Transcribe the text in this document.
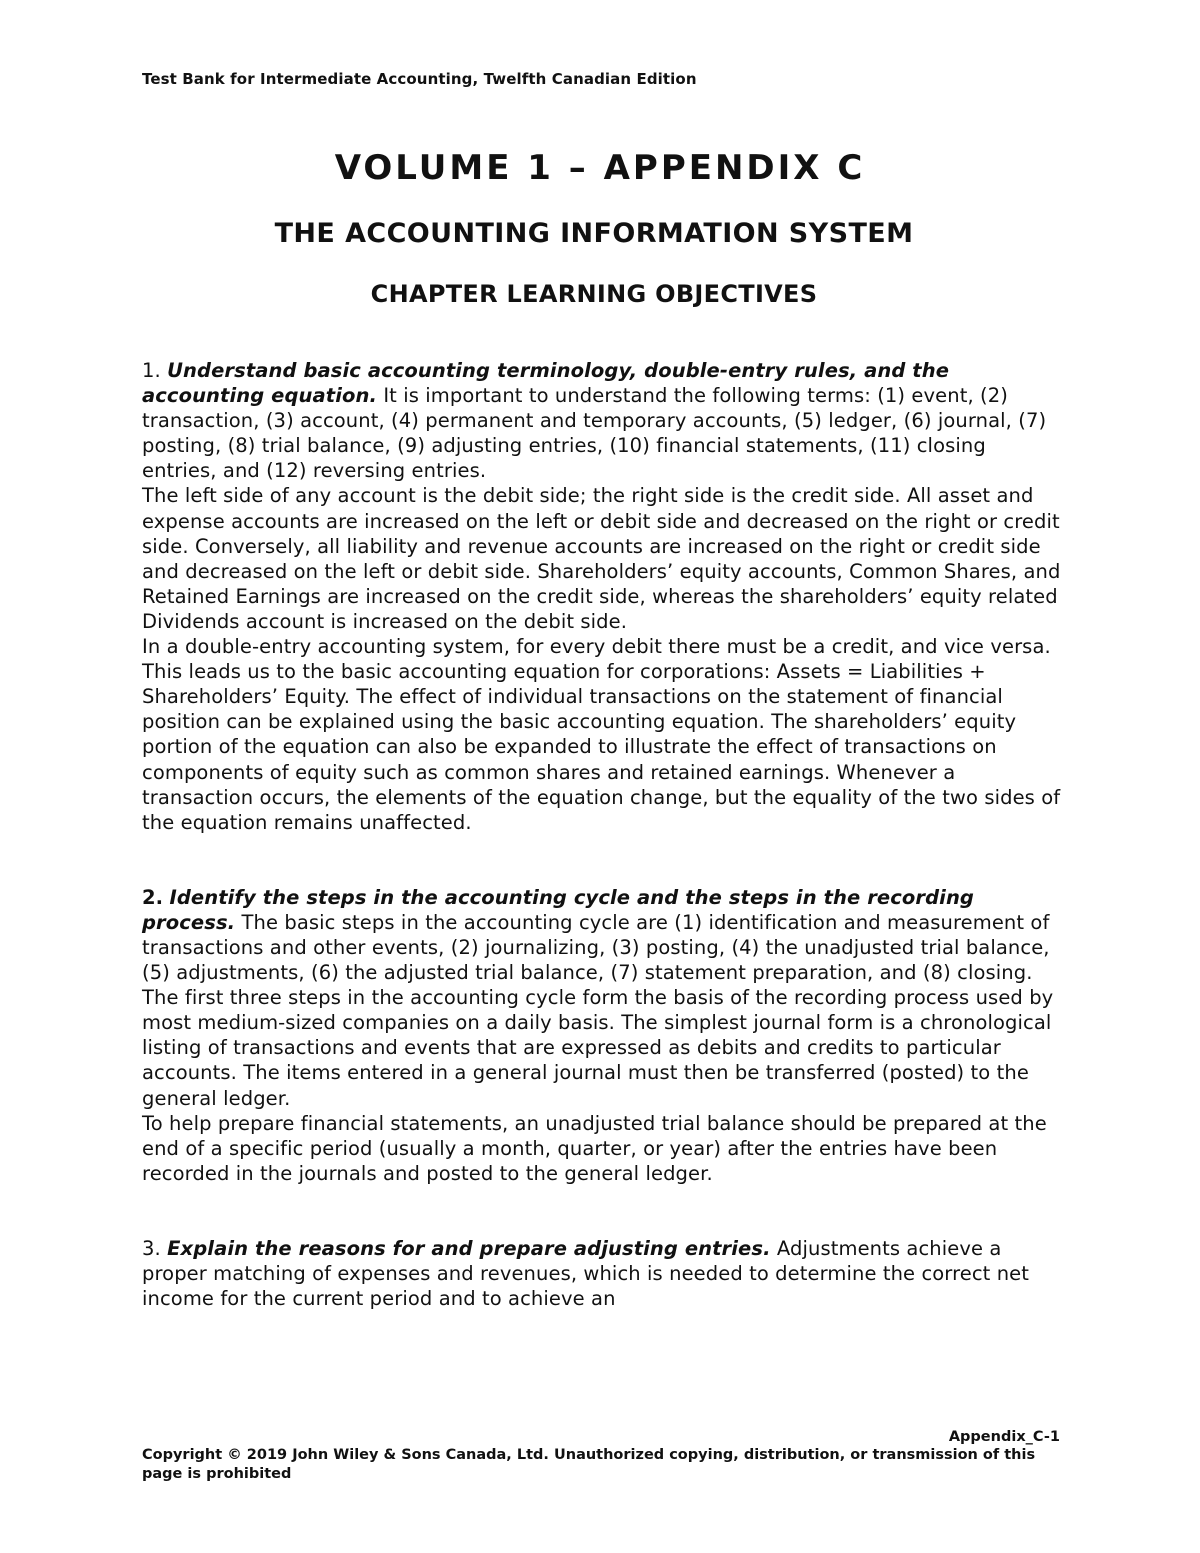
Test Bank for Intermediate Accounting, Twelfth Canadian Edition
VOLUME 1 – APPENDIX C
THE ACCOUNTING INFORMATION SYSTEM
CHAPTER LEARNING OBJECTIVES
1. Understand basic accounting terminology, double-entry rules, and the accounting equation. It is important to understand the following terms: (1) event, (2) transaction, (3) account, (4) permanent and temporary accounts, (5) ledger, (6) journal, (7) posting, (8) trial balance, (9) adjusting entries, (10) financial statements, (11) closing entries, and (12) reversing entries.
The left side of any account is the debit side; the right side is the credit side. All asset and expense accounts are increased on the left or debit side and decreased on the right or credit side. Conversely, all liability and revenue accounts are increased on the right or credit side and decreased on the left or debit side. Shareholders’ equity accounts, Common Shares, and Retained Earnings are increased on the credit side, whereas the shareholders’ equity related Dividends account is increased on the debit side.
In a double-entry accounting system, for every debit there must be a credit, and vice versa. This leads us to the basic accounting equation for corporations: Assets = Liabilities + Shareholders’ Equity. The effect of individual transactions on the statement of financial position can be explained using the basic accounting equation. The shareholders’ equity portion of the equation can also be expanded to illustrate the effect of transactions on components of equity such as common shares and retained earnings. Whenever a transaction occurs, the elements of the equation change, but the equality of the two sides of the equation remains unaffected.
2. Identify the steps in the accounting cycle and the steps in the recording process. The basic steps in the accounting cycle are (1) identification and measurement of transactions and other events, (2) journalizing, (3) posting, (4) the unadjusted trial balance, (5) adjustments, (6) the adjusted trial balance, (7) statement preparation, and (8) closing. The first three steps in the accounting cycle form the basis of the recording process used by most medium-sized companies on a daily basis. The simplest journal form is a chronological listing of transactions and events that are expressed as debits and credits to particular accounts. The items entered in a general journal must then be transferred (posted) to the general ledger.
To help prepare financial statements, an unadjusted trial balance should be prepared at the end of a specific period (usually a month, quarter, or year) after the entries have been recorded in the journals and posted to the general ledger.
3. Explain the reasons for and prepare adjusting entries. Adjustments achieve a proper matching of expenses and revenues, which is needed to determine the correct net income for the current period and to achieve an
Appendix_C-1
Copyright © 2019 John Wiley & Sons Canada, Ltd. Unauthorized copying, distribution, or transmission of this page is prohibited
